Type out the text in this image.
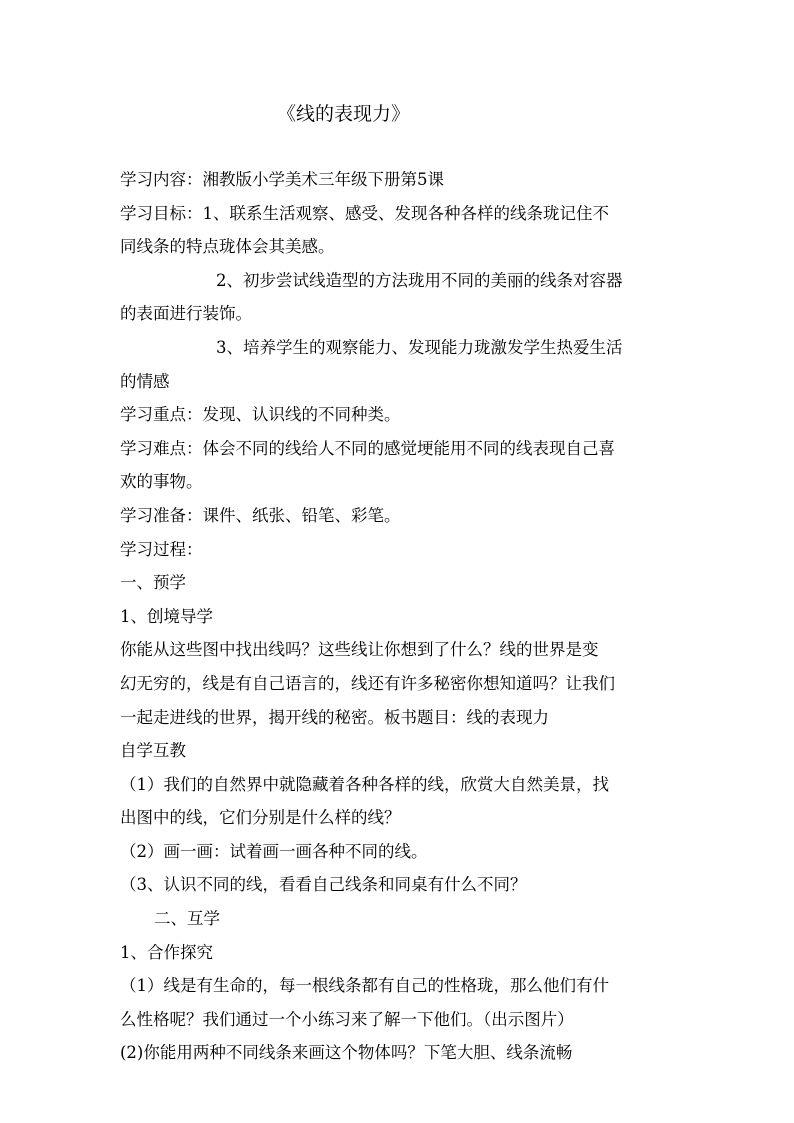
《线的表现力》

学习内容：湘教版小学美术三年级下册第5课

学习目标：1、联系生活观察、感受、发现各种各样的线条珑记住不

同线条的特点珑体会其美感。

2、初步尝试线造型的方法珑用不同的美丽的线条对容器

的表面进行装饰。

3、培养学生的观察能力、发现能力珑激发学生热爱生活

的情感

学习重点：发现、认识线的不同种类。

学习难点：体会不同的线给人不同的感觉埂能用不同的线表现自己喜

欢的事物。

学习准备：课件、纸张、铅笔、彩笔。

学习过程：

一、预学

1、创境导学

你能从这些图中找出线吗？这些线让你想到了什么？线的世界是变

幻无穷的，线是有自己语言的，线还有许多秘密你想知道吗？让我们

一起走进线的世界，揭开线的秘密。板书题目：线的表现力

自学互教

（1）我们的自然界中就隐藏着各种各样的线，欣赏大自然美景，找

出图中的线，它们分别是什么样的线？

（2）画一画：试着画一画各种不同的线。

（3、认识不同的线，看看自己线条和同桌有什么不同？

二、互学

1、合作探究

（1）线是有生命的，每一根线条都有自己的性格珑，那么他们有什

么性格呢？我们通过一个小练习来了解一下他们。（出示图片）

(2)你能用两种不同线条来画这个物体吗？下笔大胆、线条流畅
